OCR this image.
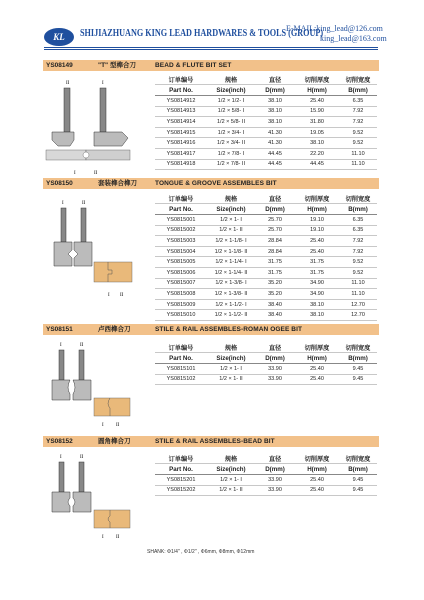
KL	SHIJIAZHUANG KING LEAD HARDWARES & TOOLS (GROUP)
E-MAIL:king_lead@126.com
king_lead@163.com
YS08149	"T" 型榫合刀	BEAD & FLUTE BIT SET
II	I
I	II
订单编号	规格	直径	切削厚度	切削宽度
Part No.	Size(inch)	D(mm)	H(mm)	B(mm)
YS0814912	1/2 × 1/2- I	38.10	25.40	6.35
YS0814913	1/2 × 5/8- I	38.10	15.90	7.92
YS0814914	1/2 × 5/8- II	38.10	31.80	7.92
YS0814915	1/2 × 3/4- I	41.30	19.05	9.52
YS0814916	1/2 × 3/4- II	41.30	38.10	9.52
YS0814917	1/2 × 7/8- I	44.45	22.20	11.10
YS0814918	1/2 × 7/8- II	44.45	44.45	11.10
YS08150	套装榫合榫刀	TONGUE & GROOVE ASSEMBLES BIT
I	II
I II
订单编号	规格	直径	切削厚度	切削宽度
Part No.	Size(inch)	D(mm)	H(mm)	B(mm)
YS0815001	1/2 × 1- I	25.70	19.10	6.35
YS0815002	1/2 × 1- II	25.70	19.10	6.35
YS0815003	1/2 × 1-1/8- I	28.84	25.40	7.92
YS0815004	1/2 × 1-1/8- II	28.84	25.40	7.92
YS0815005	1/2 × 1-1/4- I	31.75	31.75	9.52
YS0815006	1/2 × 1-1/4- II	31.75	31.75	9.52
YS0815007	1/2 × 1-3/8- I	35.20	34.90	11.10
YS0815008	1/2 × 1-3/8- II	35.20	34.90	11.10
YS0815009	1/2 × 1-1/2- I	38.40	38.10	12.70
YS0815010	1/2 × 1-1/2- II	38.40	38.10	12.70
YS08151	卢西榫合刀	STILE & RAIL ASSEMBLES-ROMAN OGEE BIT
I	II
I II
订单编号	规格	直径	切削厚度	切削宽度
Part No.	Size(inch)	D(mm)	H(mm)	B(mm)
YS0815101	1/2 × 1- I	33.90	25.40	9.45
YS0815102	1/2 × 1- II	33.90	25.40	9.45
YS08152	圆角榫合刀	STILE & RAIL ASSEMBLES-BEAD BIT
I	II
I II
订单编号	规格	直径	切削厚度	切削宽度
Part No.	Size(inch)	D(mm)	H(mm)	B(mm)
YS0815201	1/2 × 1- I	33.90	25.40	9.45
YS0815202	1/2 × 1- II	33.90	25.40	9.45
SHANK: Φ1/4" , Φ1/2" , Φ6mm, Φ8mm, Φ12mm
